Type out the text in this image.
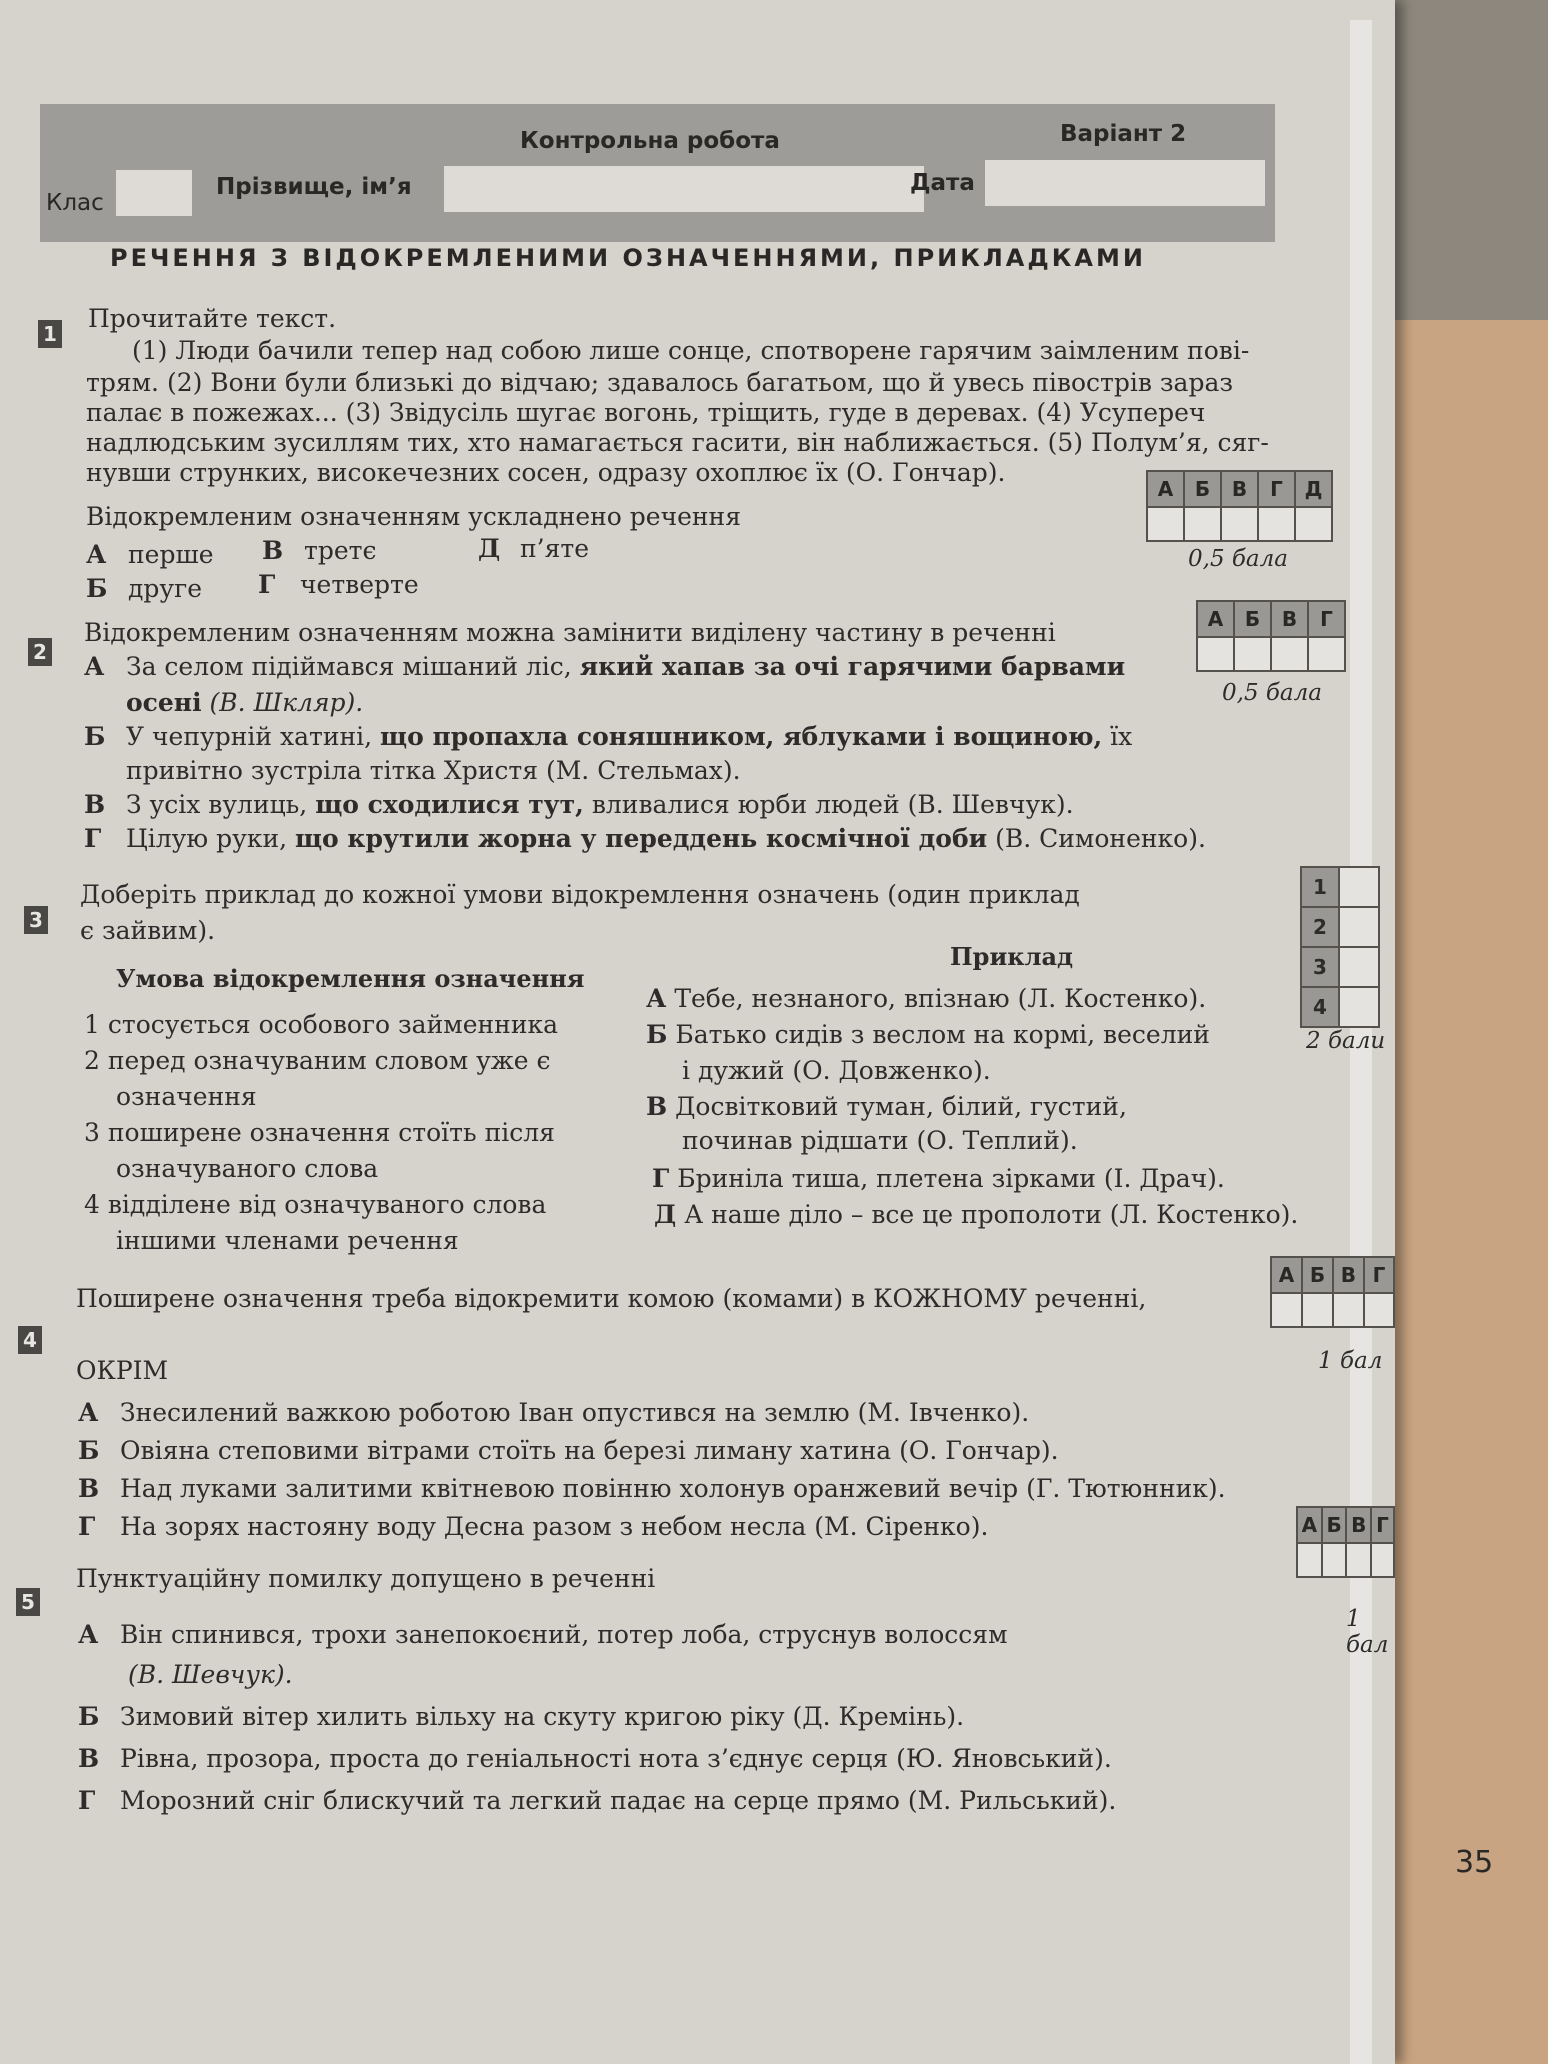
Контрольна робота	Варіант 2
Клас
Прізвище, ім’я	Дата
РЕЧЕННЯ З ВІДОКРЕМЛЕНИМИ ОЗНАЧЕННЯМИ, ПРИКЛАДКАМИ
1
Прочитайте текст.
(1) Люди бачили тепер над собою лише сонце, спотворене гарячим заімленим пові-
трям. (2) Вони були близькі до відчаю; здавалось багатьом, що й увесь півострів зараз
палає в пожежах... (3) Звідусіль шугає вогонь, тріщить, гуде в деревах. (4) Усупереч
надлюдським зусиллям тих, хто намагається гасити, він наближається. (5) Полум’я, сяг-
нувши струнких, високечезних сосен, одразу охоплює їх (О. Гончар).
Відокремленим означенням ускладнено речення
А перше
Б друге
В третє
Г четверте
Д п’яте
А	Б	В	Г	Д

0,5 бала
2
Відокремленим означенням можна замінити виділену частину в реченні
А За селом підіймався мішаний ліс, який хапав за очі гарячими барвами
осені (В. Шкляр).
Б У чепурній хатині, що пропахла соняшником, яблуками і вощиною, їх
привітно зустріла тітка Христя (М. Стельмах).
В З усіх вулиць, що сходилися тут, вливалися юрби людей (В. Шевчук).
Г Цілую руки, що крутили жорна у переддень космічної доби (В. Симоненко).
А	Б	В	Г

0,5 бала
3
Доберіть приклад до кожної умови відокремлення означень (один приклад
є зайвим).
Умова відокремлення означення
Приклад
1 стосується особового займенника
2 перед означуваним словом уже є
означення
3 поширене означення стоїть після
означуваного слова
4 відділене від означуваного слова
іншими членами речення
А Тебе, незнаного, впізнаю (Л. Костенко).
Б Батько сидів з веслом на кормі, веселий
і дужий (О. Довженко).
В Досвітковий туман, білий, густий,
починав рідшати (О. Теплий).
Г Бриніла тиша, плетена зірками (І. Драч).
Д А наше діло – все це прополоти (Л. Костенко).
1	
2	
3	
4	
2 бали
4
Поширене означення треба відокремити комою (комами) в КОЖНОМУ реченні,
ОКРІМ
А Знесилений важкою роботою Іван опустився на землю (М. Івченко).
Б Овіяна степовими вітрами стоїть на березі лиману хатина (О. Гончар).
В Над луками залитими квітневою повінню холонув оранжевий вечір (Г. Тютюнник).
Г На зорях настояну воду Десна разом з небом несла (М. Сіренко).
А	Б	В	Г

1 бал
5
Пунктуаційну помилку допущено в реченні
А Він спинився, трохи занепокоєний, потер лоба, струснув волоссям
(В. Шевчук).
Б Зимовий вітер хилить вільху на скуту кригою ріку (Д. Кремінь).
В Рівна, прозора, проста до геніальності нота з’єднує серця (Ю. Яновський).
Г Морозний сніг блискучий та легкий падає на серце прямо (М. Рильський).
А	Б	В	Г

1 бал
35
